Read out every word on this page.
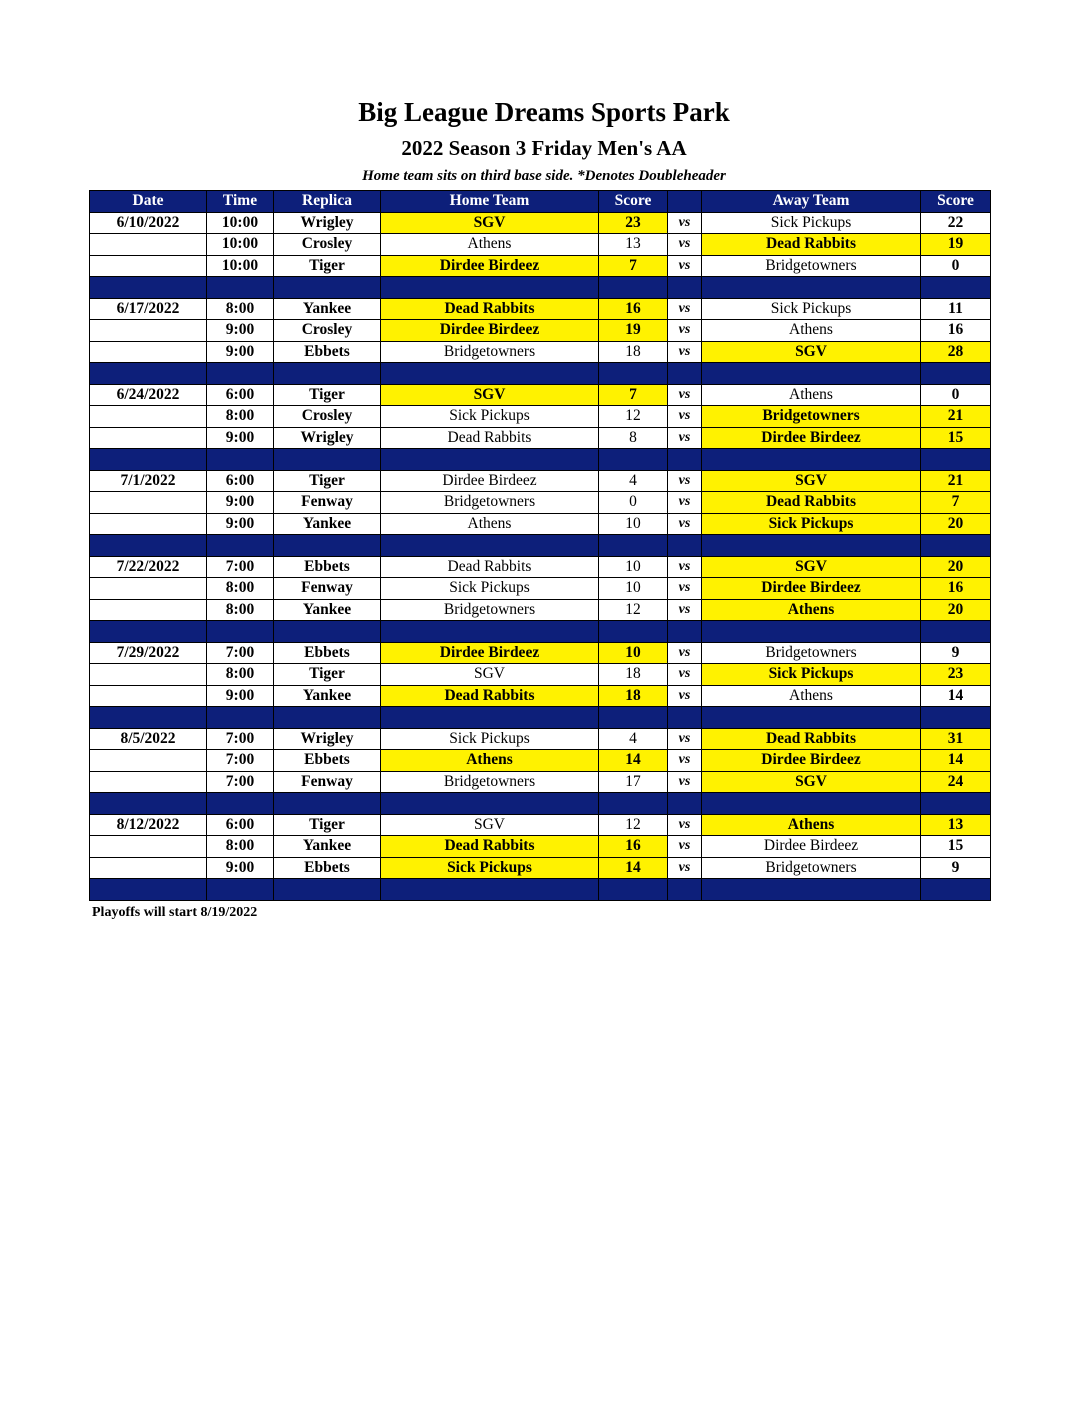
Big League Dreams Sports Park
2022 Season 3 Friday Men's AA
Home team sits on third base side. *Denotes Doubleheader
Date	Time	Replica	Home Team	Score		Away Team	Score
6/10/2022	10:00	Wrigley	SGV	23	vs	Sick Pickups	22
	10:00	Crosley	Athens	13	vs	Dead Rabbits	19
	10:00	Tiger	Dirdee Birdeez	7	vs	Bridgetowners	0

6/17/2022	8:00	Yankee	Dead Rabbits	16	vs	Sick Pickups	11
	9:00	Crosley	Dirdee Birdeez	19	vs	Athens	16
	9:00	Ebbets	Bridgetowners	18	vs	SGV	28

6/24/2022	6:00	Tiger	SGV	7	vs	Athens	0
	8:00	Crosley	Sick Pickups	12	vs	Bridgetowners	21
	9:00	Wrigley	Dead Rabbits	8	vs	Dirdee Birdeez	15

7/1/2022	6:00	Tiger	Dirdee Birdeez	4	vs	SGV	21
	9:00	Fenway	Bridgetowners	0	vs	Dead Rabbits	7
	9:00	Yankee	Athens	10	vs	Sick Pickups	20

7/22/2022	7:00	Ebbets	Dead Rabbits	10	vs	SGV	20
	8:00	Fenway	Sick Pickups	10	vs	Dirdee Birdeez	16
	8:00	Yankee	Bridgetowners	12	vs	Athens	20

7/29/2022	7:00	Ebbets	Dirdee Birdeez	10	vs	Bridgetowners	9
	8:00	Tiger	SGV	18	vs	Sick Pickups	23
	9:00	Yankee	Dead Rabbits	18	vs	Athens	14

8/5/2022	7:00	Wrigley	Sick Pickups	4	vs	Dead Rabbits	31
	7:00	Ebbets	Athens	14	vs	Dirdee Birdeez	14
	7:00	Fenway	Bridgetowners	17	vs	SGV	24

8/12/2022	6:00	Tiger	SGV	12	vs	Athens	13
	8:00	Yankee	Dead Rabbits	16	vs	Dirdee Birdeez	15
	9:00	Ebbets	Sick Pickups	14	vs	Bridgetowners	9

Playoffs will start 8/19/2022
